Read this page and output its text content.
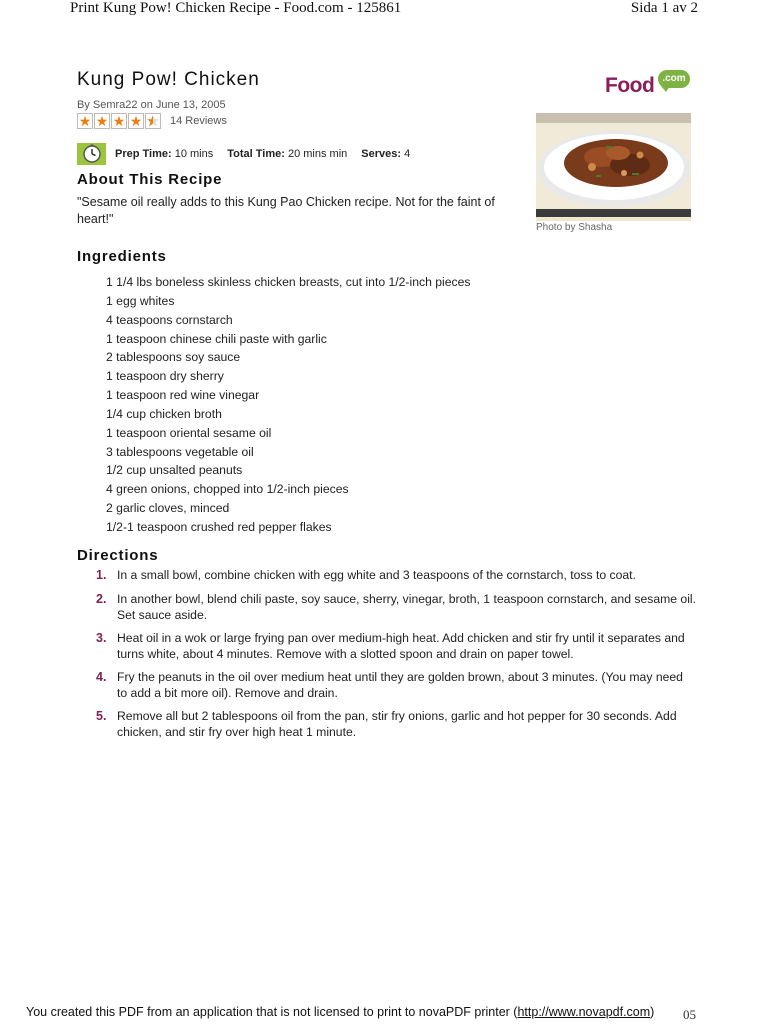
Print Kung Pow! Chicken Recipe - Food.com - 125861	Sida 1 av 2
Food .com
Kung Pow! Chicken
By Semra22 on June 13, 2005
★ ★ ★ ★	14 Reviews
Prep Time: 10 mins Total Time: 20 mins min Serves: 4
About This Recipe

"Sesame oil really adds to this Kung Pao Chicken recipe. Not for the faint of heart!"

Photo by Shasha
Ingredients
1 1/4 lbs boneless skinless chicken breasts, cut into 1/2-inch pieces
1 egg whites
4 teaspoons cornstarch
1 teaspoon chinese chili paste with garlic
2 tablespoons soy sauce
1 teaspoon dry sherry
1 teaspoon red wine vinegar
1/4 cup chicken broth
1 teaspoon oriental sesame oil
3 tablespoons vegetable oil
1/2 cup unsalted peanuts
4 green onions, chopped into 1/2-inch pieces
2 garlic cloves, minced
1/2-1 teaspoon crushed red pepper flakes
Directions
1. In a small bowl, combine chicken with egg white and 3 teaspoons of the cornstarch, toss to coat.
2. In another bowl, blend chili paste, soy sauce, sherry, vinegar, broth, 1 teaspoon cornstarch, and sesame oil. Set sauce aside.
3. Heat oil in a wok or large frying pan over medium-high heat. Add chicken and stir fry until it separates and turns white, about 4 minutes. Remove with a slotted spoon and drain on paper towel.
4. Fry the peanuts in the oil over medium heat until they are golden brown, about 3 minutes. (You may need to add a bit more oil). Remove and drain.
5. Remove all but 2 tablespoons oil from the pan, stir fry onions, garlic and hot pepper for 30 seconds. Add chicken, and stir fry over high heat 1 minute.
You created this PDF from an application that is not licensed to print to novaPDF printer (http://www.novapdf.com) 05
